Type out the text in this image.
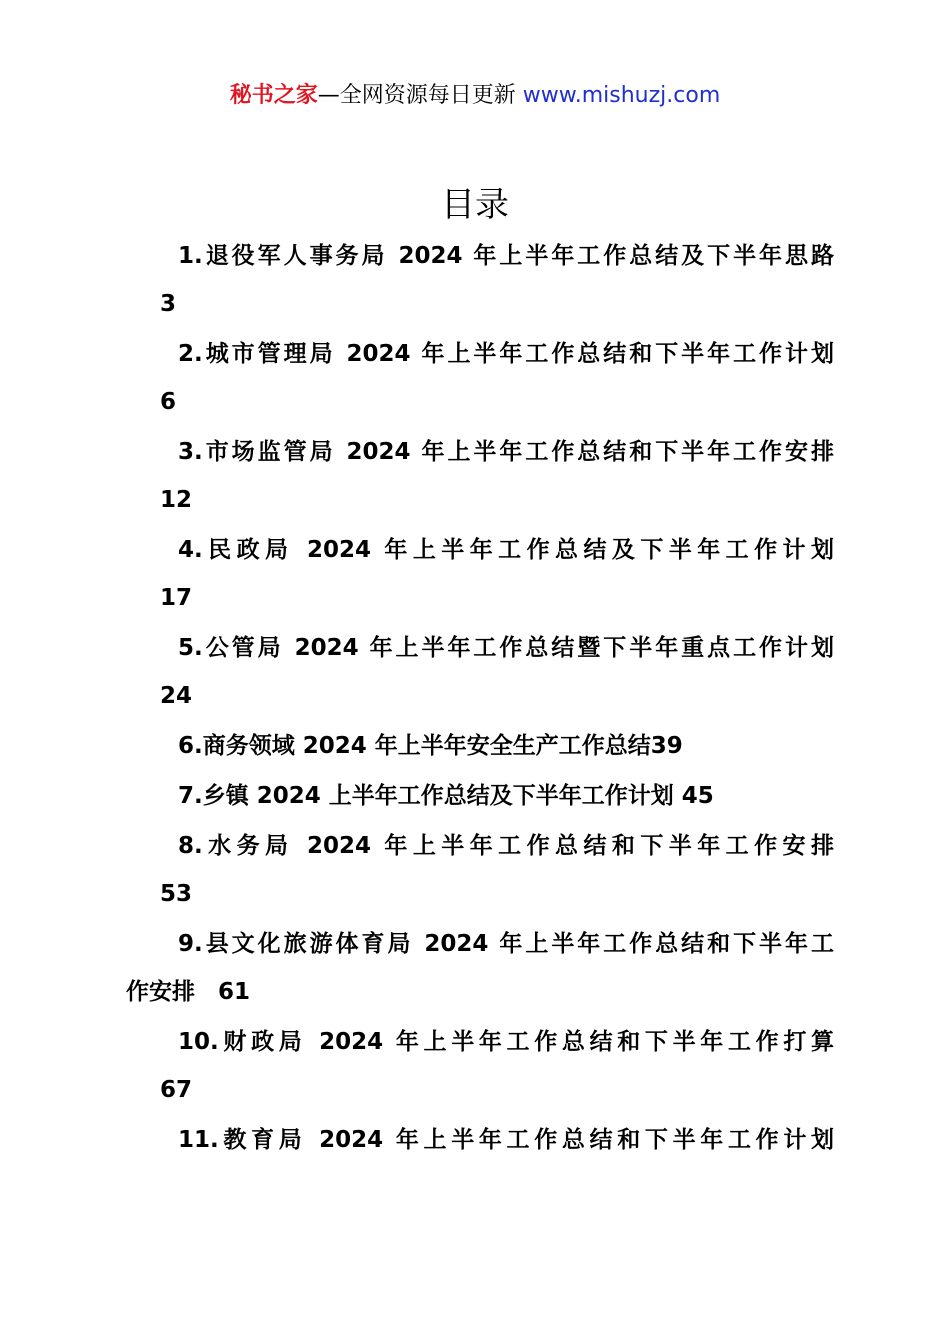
秘书之家—全网资源每日更新 www.mishuzj.com
目录
1.退役军人事务局 2024 年上半年工作总结及下半年思路
3
2.城市管理局 2024 年上半年工作总结和下半年工作计划
6
3.市场监管局 2024 年上半年工作总结和下半年工作安排
12
4.民政局 2024 年上半年工作总结及下半年工作计划
17
5.公管局 2024 年上半年工作总结暨下半年重点工作计划
24
6.商务领域 2024 年上半年安全生产工作总结39
7.乡镇 2024 上半年工作总结及下半年工作计划 45
8.水务局 2024 年上半年工作总结和下半年工作安排
53
9.县文化旅游体育局 2024 年上半年工作总结和下半年工
作安排　61
10.财政局 2024 年上半年工作总结和下半年工作打算
67
11.教育局 2024 年上半年工作总结和下半年工作计划
